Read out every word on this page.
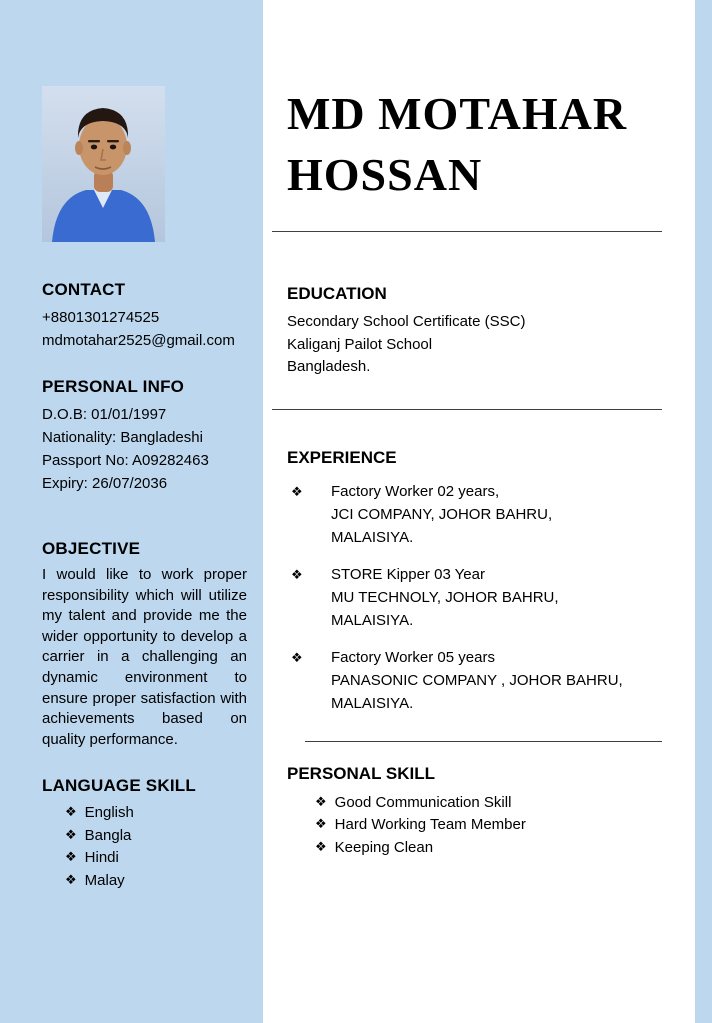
CONTACT
+8801301274525
mdmotahar2525@gmail.com
PERSONAL INFO
D.O.B: 01/01/1997
Nationality: Bangladeshi
Passport No: A09282463
Expiry: 26/07/2036
OBJECTIVE

I would like to work proper responsibility which will utilize my talent and provide me the wider opportunity to develop a carrier in a challenging an dynamic environment to ensure proper satisfaction with achievements based on quality performance.

LANGUAGE SKILL
❖ English
❖ Bangla
❖ Hindi
❖ Malay
MD MOTAHAR
HOSSAN
EDUCATION
Secondary School Certificate (SSC)
Kaliganj Pailot School
Bangladesh.
EXPERIENCE
❖	Factory Worker 02 years,
JCI COMPANY, JOHOR BAHRU, MALAISIYA.
❖	STORE Kipper 03 Year
MU TECHNOLY, JOHOR BAHRU, MALAISIYA.
❖	Factory Worker 05 years
PANASONIC COMPANY , JOHOR BAHRU, MALAISIYA.
PERSONAL SKILL
❖ Good Communication Skill
❖ Hard Working Team Member
❖ Keeping Clean
